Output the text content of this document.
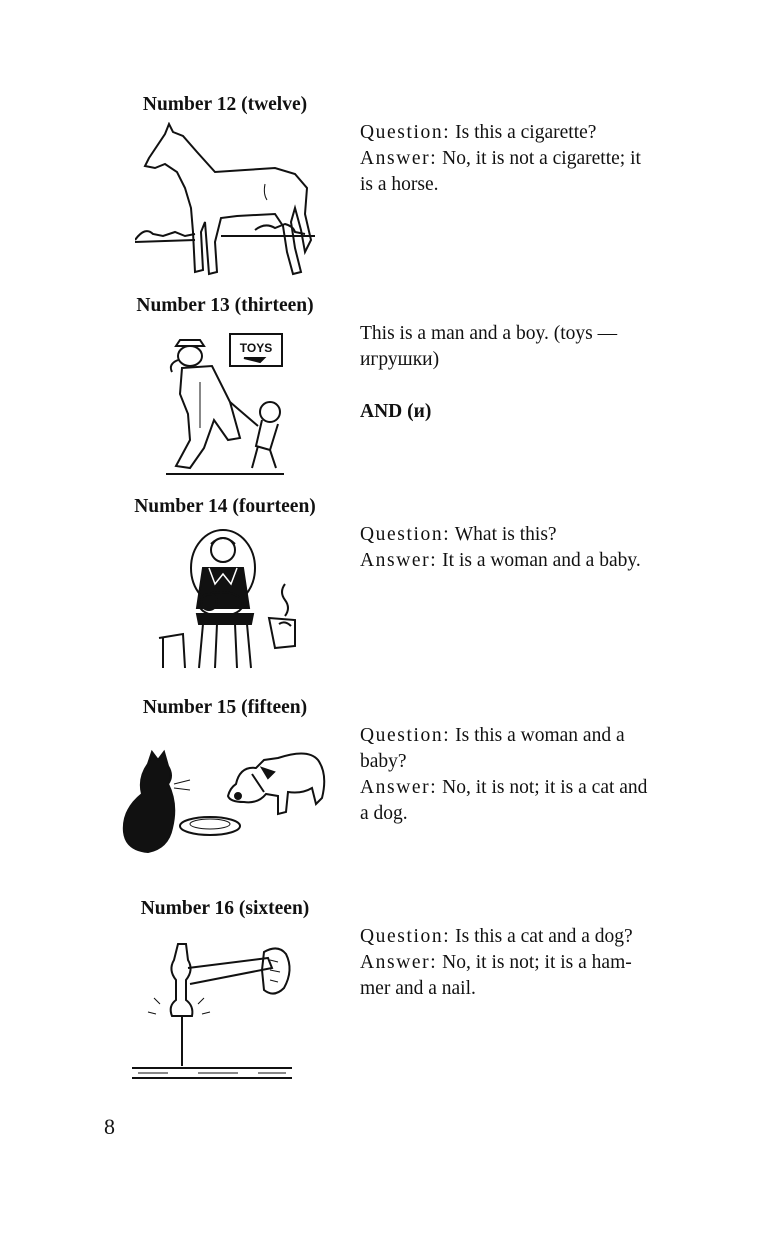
Number 12 (twelve)
Question: Is this a cigarette?
Answer: No, it is not a cigarette; it
is a horse.
Number 13 (thirteen)
TOYS
This is a man and a boy. (toys —
игрушки)

AND (и)
Number 14 (fourteen)
Question: What is this?
Answer: It is a woman and a baby.
Number 15 (fifteen)
Question: Is this a woman and a
baby?
Answer: No, it is not; it is a cat and
a dog.
Number 16 (sixteen)
Question: Is this a cat and a dog?
Answer: No, it is not; it is a ham-
mer and a nail.
8
